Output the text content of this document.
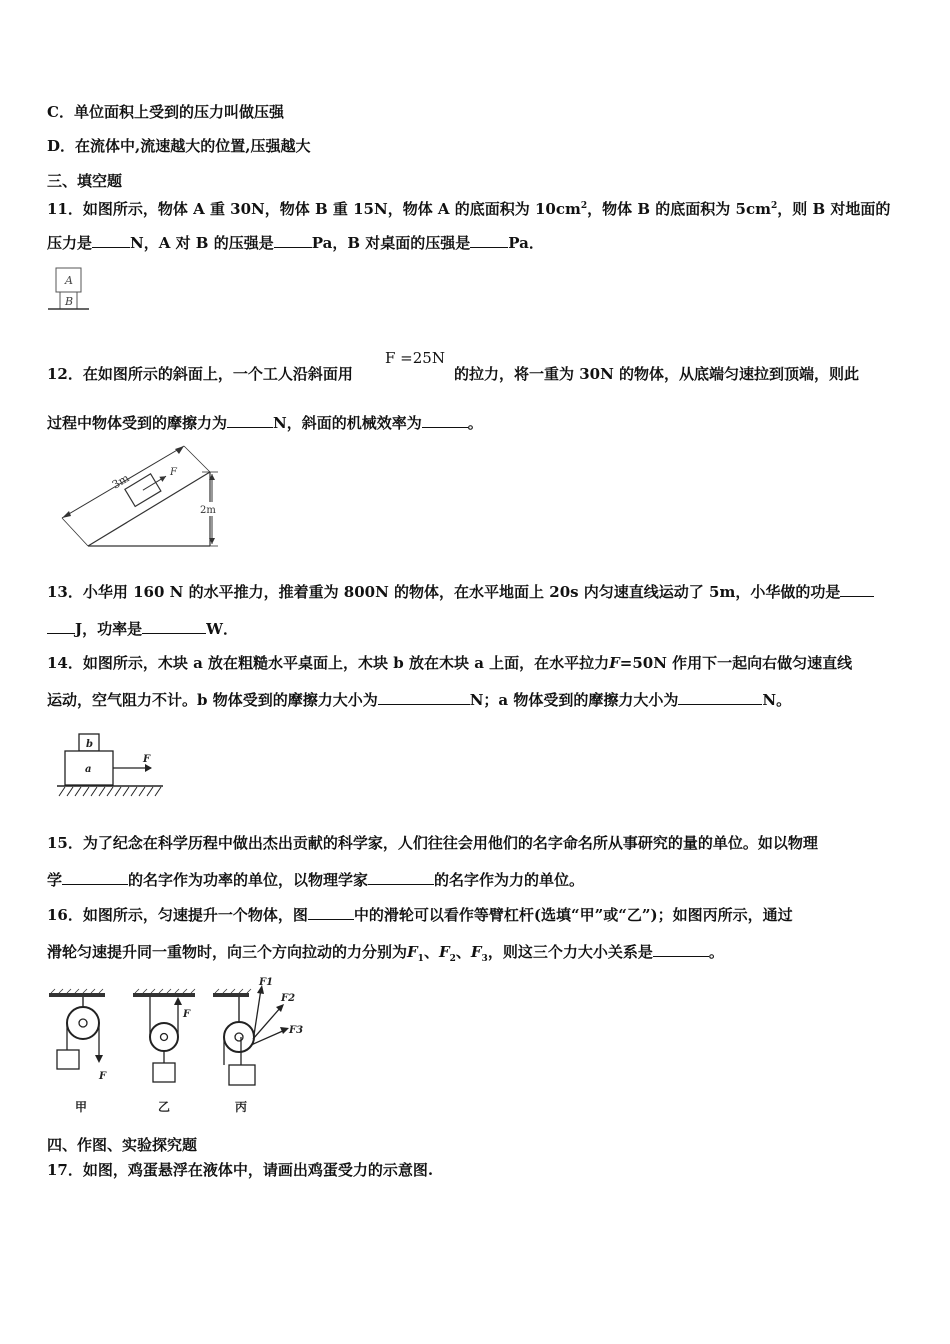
C．单位面积上受到的压力叫做压强
D．在流体中,流速越大的位置,压强越大
三、填空题
11．如图所示，物体 A 重 30N，物体 B 重 15N，物体 A 的底面积为 $10cm^2$，物体 B 的底面积为 $5cm^2$，则 B 对地面的
压力是	N，A 对 B 的压强是	Pa，B 对桌面的压强是	Pa．
A
B
12．在如图所示的斜面上，一个工人沿斜面用
F =25N
的拉力，将一重为 30N 的物体，从底端匀速拉到顶端，则此
过程中物体受到的摩擦力为	N，斜面的机械效率为	。
3m	F
2m
13．小华用 160 N 的水平推力，推着重为 800N 的物体，在水平地面上 20s 内匀速直线运动了 5m，小华做的功是
J，功率是	W．
14．如图所示，木块 a 放在粗糙水平桌面上，木块 b 放在木块 a 上面，在水平拉力F=50N 作用下一起向右做匀速直线
运动，空气阻力不计。b 物体受到的摩擦力大小为	N；a 物体受到的摩擦力大小为	N。
F
b
a
15．为了纪念在科学历程中做出杰出贡献的科学家，人们往往会用他们的名字命名所从事研究的量的单位。如以物理
学	的名字作为功率的单位，以物理学家	的名字作为力的单位。
16．如图所示，匀速提升一个物体，图	中的滑轮可以看作等臂杠杆(选填“甲”或“乙”)；如图丙所示，通过
滑轮匀速提升同一重物时，向三个方向拉动的力分别为$F_1$、$F_2$、$F_3$，则这三个力大小关系是	。
F
甲
F
乙
F1
F2
F3
丙
四、作图、实验探究题
17．如图，鸡蛋悬浮在液体中，请画出鸡蛋受力的示意图.
